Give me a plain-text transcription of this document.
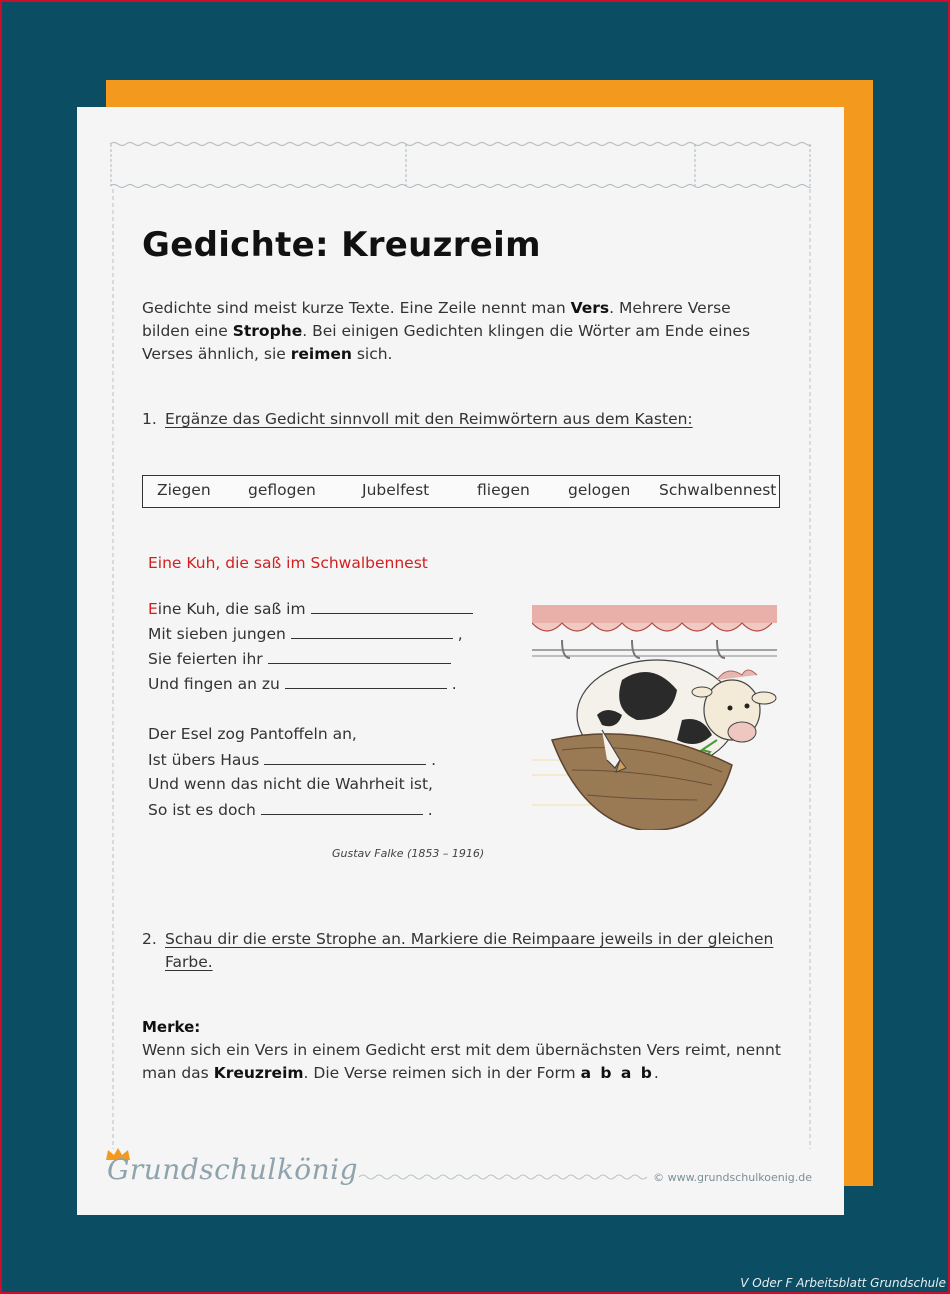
Gedichte: Kreuzreim
Gedichte sind meist kurze Texte. Eine Zeile nennt man Vers. Mehrere Verse bilden eine Strophe. Bei einigen Gedichten klingen die Wörter am Ende eines Verses ähnlich, sie reimen sich.
1. Ergänze das Gedicht sinnvoll mit den Reimwörtern aus dem Kasten:
Ziegen geflogen	Jubelfest	fliegen gelogen Schwalbennest
Eine Kuh, die saß im Schwalbennest
Eine Kuh, die saß im
Mit sieben jungen	,
Sie feierten ihr
Und fingen an zu	.
Der Esel zog Pantoffeln an,
Ist übers Haus	.
Und wenn das nicht die Wahrheit ist,
So ist es doch	.
Gustav Falke (1853 – 1916)
2. Schau dir die erste Strophe an. Markiere die Reimpaare jeweils in der gleichen
Farbe.
Merke:
Wenn sich ein Vers in einem Gedicht erst mit dem übernächsten Vers reimt, nennt man das Kreuzreim. Die Verse reimen sich in der Form a b a b.
Grundschulkönig	© www.grundschulkoenig.de
V Oder F Arbeitsblatt Grundschule
